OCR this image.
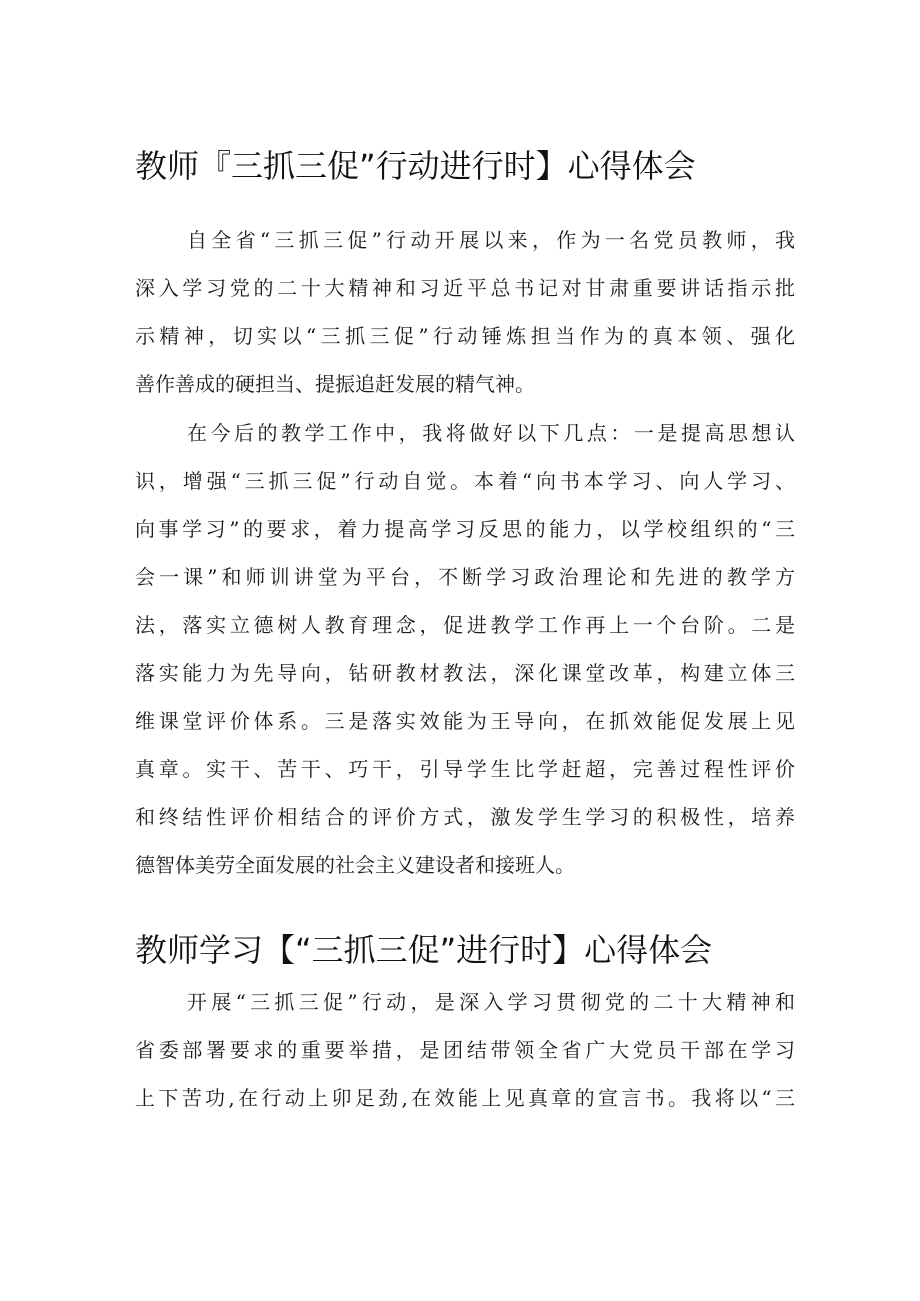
教师『三抓三促”行动进行时】心得体会
自全省“三抓三促”行动开展以来，作为一名党员教师，我
深入学习党的二十大精神和习近平总书记对甘肃重要讲话指示批
示精神，切实以“三抓三促”行动锤炼担当作为的真本领、强化
善作善成的硬担当、提振追赶发展的精气神。
在今后的教学工作中，我将做好以下几点：一是提高思想认
识，增强“三抓三促”行动自觉。本着“向书本学习、向人学习、
向事学习”的要求，着力提高学习反思的能力，以学校组织的“三
会一课”和师训讲堂为平台，不断学习政治理论和先进的教学方
法，落实立德树人教育理念，促进教学工作再上一个台阶。二是
落实能力为先导向，钻研教材教法，深化课堂改革，构建立体三
维课堂评价体系。三是落实效能为王导向，在抓效能促发展上见
真章。实干、苦干、巧干，引导学生比学赶超，完善过程性评价
和终结性评价相结合的评价方式，激发学生学习的积极性，培养
德智体美劳全面发展的社会主义建设者和接班人。
教师学习【“三抓三促”进行时】心得体会
开展“三抓三促”行动，是深入学习贯彻党的二十大精神和
省委部署要求的重要举措，是团结带领全省广大党员干部在学习
上下苦功,在行动上卯足劲,在效能上见真章的宣言书。我将以“三
